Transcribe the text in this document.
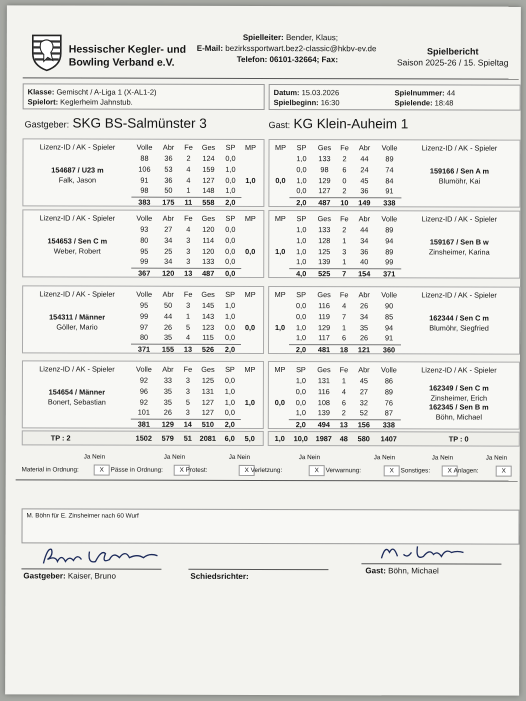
Hessischer Kegler- und
Bowling Verband e.V.
Spielleiter: Bender, Klaus;
E-Mail: bezirkssportwart.bez2-classic@hkbv-ev.de
Telefon: 06101-32664; Fax:
Spielbericht
Saison 2025-26 / 15. Spieltag
Klasse: Gemischt / A-Liga 1 (X-AL1-2)
Spielort: Keglerheim Jahnstub.
Datum: 15.03.2026
Spielbeginn: 16:30
Spielnummer: 44
Spielende: 18:48
Gastgeber: SKG BS-Salmünster 3	Gast: KG Klein-Auheim 1
TP : 2	1502	579	51	2081	6,0	5,0	1,0	10,0	1987	48	580	1407	TP : 0
M. Böhn für E. Zinsheimer nach 60 Wurf
Gastgeber: Kaiser, Bruno	Schiedsrichter:
Gast: Böhn, Michael
Lizenz-ID / AK - Spieler	Volle	Abr	Fe	Ges	SP	MP
88	36	2	124	0,0
106	53	4	159	1,0
91	36	4	127	0,0
98	50	1	148	1,0
383	175	11	558	2,0
1,0
154687 / U23 m
Falk, Jason
MP	SP	Ges	Fe	Abr	Volle	Lizenz-ID / AK - Spieler
1,0	133	2	44	89
0,0	98	6	24	74
1,0	129	0	45	84
0,0	127	2	36	91
2,0	487	10	149	338
0,0
159166 / Sen A m
Blumöhr, Kai
Lizenz-ID / AK - Spieler	Volle	Abr	Fe	Ges	SP	MP
93	27	4	120	0,0
80	34	3	114	0,0
95	25	3	120	0,0
99	34	3	133	0,0
367	120	13	487	0,0
0,0
154653 / Sen C m
Weber, Robert
MP	SP	Ges	Fe	Abr	Volle	Lizenz-ID / AK - Spieler
1,0	133	2	44	89
1,0	128	1	34	94
1,0	125	3	36	89
1,0	139	1	40	99
4,0	525	7	154	371
1,0
159167 / Sen B w
Zinsheimer, Karina
Lizenz-ID / AK - Spieler	Volle	Abr	Fe	Ges	SP	MP
95	50	3	145	1,0
99	44	1	143	1,0
97	26	5	123	0,0
80	35	4	115	0,0
371	155	13	526	2,0
0,0
154311 / Männer
Göller, Mario
MP	SP	Ges	Fe	Abr	Volle	Lizenz-ID / AK - Spieler
0,0	116	4	26	90
0,0	119	7	34	85
1,0	129	1	35	94
1,0	117	6	26	91
2,0	481	18	121	360
1,0
162344 / Sen C m
Blumöhr, Siegfried
Lizenz-ID / AK - Spieler	Volle	Abr	Fe	Ges	SP	MP
92	33	3	125	0,0
96	35	3	131	1,0
92	35	5	127	1,0
101	26	3	127	0,0
381	129	14	510	2,0
1,0
154654 / Männer
Bonert, Sebastian
MP	SP	Ges	Fe	Abr	Volle	Lizenz-ID / AK - Spieler
1,0	131	1	45	86
0,0	116	4	27	89
0,0	108	6	32	76
1,0	139	2	52	87
2,0	494	13	156	338
0,0
162349 / Sen C m
Zinsheimer, Erich
162345 / Sen B m
Böhn, Michael
Ja Nein
Material in Ordnung:	X
Ja Nein
Pässe in Ordnung:	X
Ja Nein
Protest:	X
Ja Nein
Verletzung:	X
Ja Nein
Verwarnung:	X
Ja Nein
Sonstiges:	X
Ja Nein
Anlagen:	X
